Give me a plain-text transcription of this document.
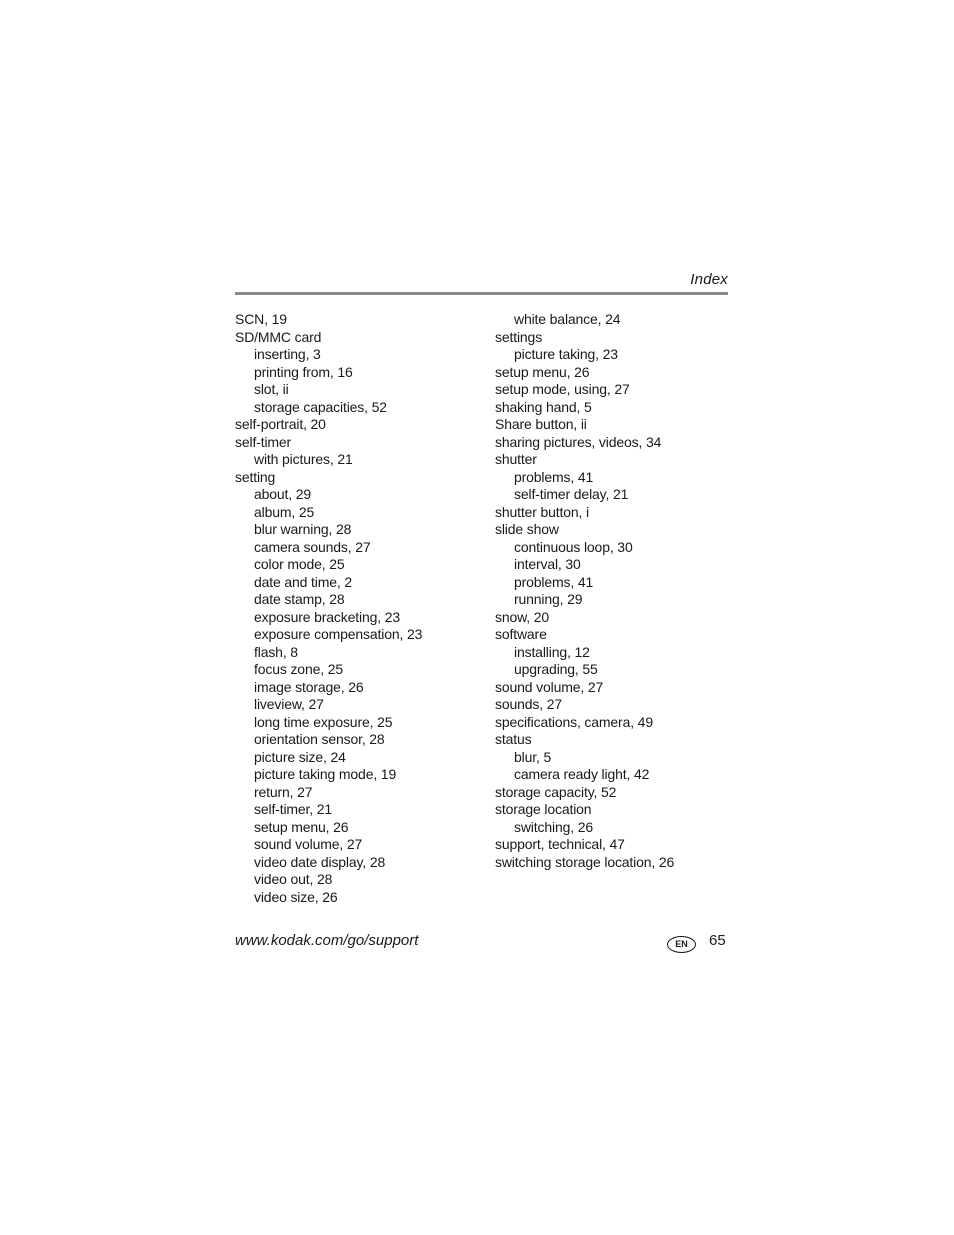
Index
SCN, 19
SD/MMC card
inserting, 3
printing from, 16
slot, ii
storage capacities, 52
self-portrait, 20
self-timer
with pictures, 21
setting
about, 29
album, 25
blur warning, 28
camera sounds, 27
color mode, 25
date and time, 2
date stamp, 28
exposure bracketing, 23
exposure compensation, 23
flash, 8
focus zone, 25
image storage, 26
liveview, 27
long time exposure, 25
orientation sensor, 28
picture size, 24
picture taking mode, 19
return, 27
self-timer, 21
setup menu, 26
sound volume, 27
video date display, 28
video out, 28
video size, 26
white balance, 24
settings
picture taking, 23
setup menu, 26
setup mode, using, 27
shaking hand, 5
Share button, ii
sharing pictures, videos, 34
shutter
problems, 41
self-timer delay, 21
shutter button, i
slide show
continuous loop, 30
interval, 30
problems, 41
running, 29
snow, 20
software
installing, 12
upgrading, 55
sound volume, 27
sounds, 27
specifications, camera, 49
status
blur, 5
camera ready light, 42
storage capacity, 52
storage location
switching, 26
support, technical, 47
switching storage location, 26
www.kodak.com/go/support	EN	65
